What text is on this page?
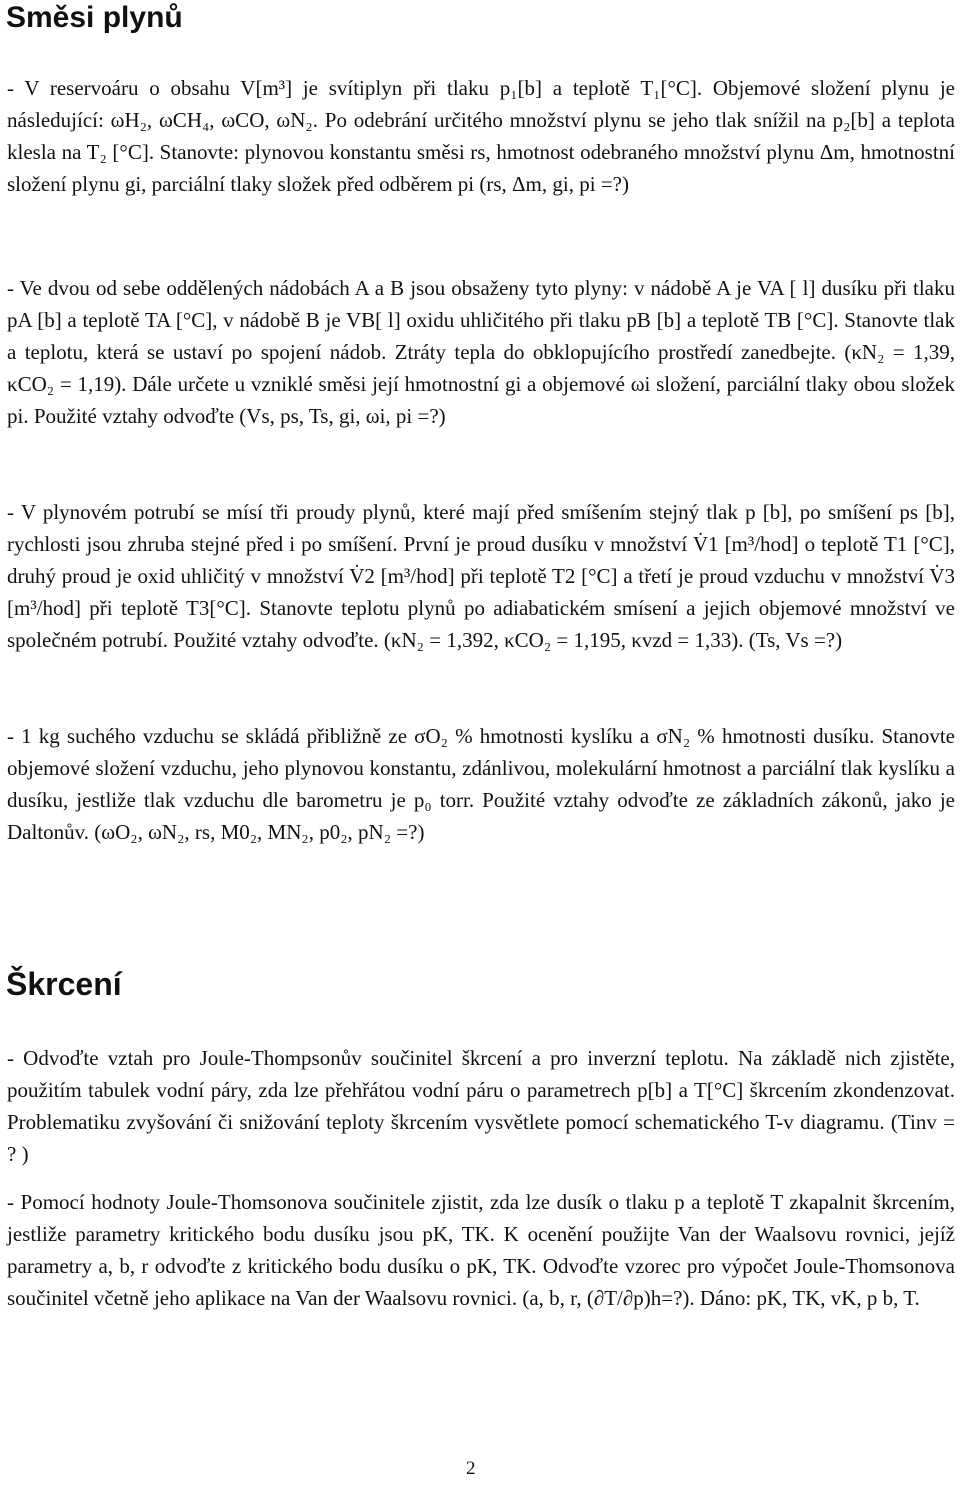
Směsi plynů

- V reservoáru o obsahu V[m³] je svítiplyn při tlaku p₁[b] a teplotě T₁[°C]. Objemové složení plynu je následující: ωH₂, ωCH₄, ωCO, ωN₂. Po odebrání určitého množství plynu se jeho tlak snížil na p₂[b] a teplota klesla na T₂ [°C]. Stanovte: plynovou konstantu směsi rs, hmotnost odebraného množství plynu Δm, hmotnostní složení plynu gi, parciální tlaky složek před odběrem pi (rs, Δm, gi, pi =?)

- Ve dvou od sebe oddělených nádobách A a B jsou obsaženy tyto plyny: v nádobě A je VA [ l] dusíku při tlaku pA [b] a teplotě TA [°C], v nádobě B je VB[ l] oxidu uhličitého při tlaku pB [b] a teplotě TB [°C]. Stanovte tlak a teplotu, která se ustaví po spojení nádob. Ztráty tepla do obklopujícího prostředí zanedbejte. (κN₂ = 1,39, κCO₂ = 1,19). Dále určete u vzniklé směsi její hmotnostní gi a objemové ωi složení, parciální tlaky obou složek pi. Použité vztahy odvoďte (Vs, ps, Ts, gi, ωi, pi =?)

- V plynovém potrubí se mísí tři proudy plynů, které mají před smíšením stejný tlak p [b], po smíšení ps [b], rychlosti jsou zhruba stejné před i po smíšení. První je proud dusíku v množství V̇1 [m³/hod] o teplotě T1 [°C], druhý proud je oxid uhličitý v množství V̇2 [m³/hod] při teplotě T2 [°C] a třetí je proud vzduchu v množství V̇3 [m³/hod] při teplotě T3[°C]. Stanovte teplotu plynů po adiabatickém smísení a jejich objemové množství ve společném potrubí. Použité vztahy odvoďte. (κN₂ = 1,392, κCO₂ = 1,195, κvzd = 1,33). (Ts, Vs =?)

- 1 kg suchého vzduchu se skládá přibližně ze σO₂ % hmotnosti kyslíku a σN₂ % hmotnosti dusíku. Stanovte objemové složení vzduchu, jeho plynovou konstantu, zdánlivou, molekulární hmotnost a parciální tlak kyslíku a dusíku, jestliže tlak vzduchu dle barometru je p₀ torr. Použité vztahy odvoďte ze základních zákonů, jako je Daltonův. (ωO₂, ωN₂, rs, M0₂, MN₂, p0₂, pN₂ =?)

Škrcení

- Odvoďte vztah pro Joule-Thompsonův součinitel škrcení a pro inverzní teplotu. Na základě nich zjistěte, použitím tabulek vodní páry, zda lze přehřátou vodní páru o parametrech p[b] a T[°C] škrcením zkondenzovat. Problematiku zvyšování či snižování teploty škrcením vysvětlete pomocí schematického T-v diagramu. (Tinv = ? )

- Pomocí hodnoty Joule-Thomsonova součinitele zjistit, zda lze dusík o tlaku p a teplotě T zkapalnit škrcením, jestliže parametry kritického bodu dusíku jsou pK, TK. K ocenění použijte Van der Waalsovu rovnici, jejíž parametry a, b, r odvoďte z kritického bodu dusíku o pK, TK. Odvoďte vzorec pro výpočet Joule-Thomsonova součinitel včetně jeho aplikace na Van der Waalsovu rovnici. (a, b, r, (∂T/∂p)h=?). Dáno: pK, TK, vK, p b, T.

2
